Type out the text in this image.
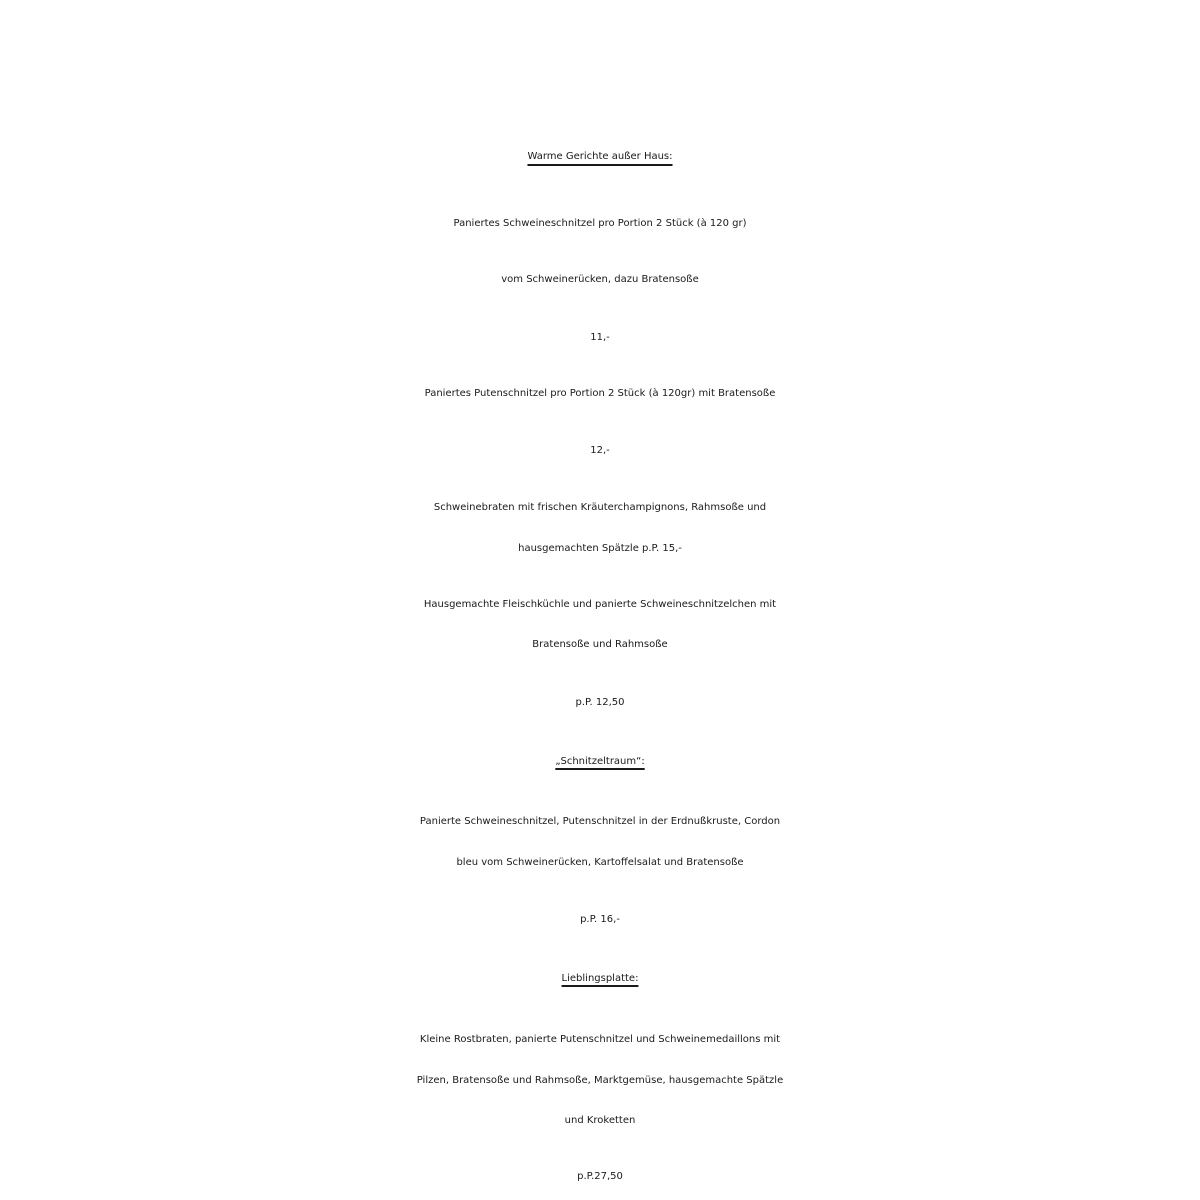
Warme Gerichte außer Haus:
Paniertes Schweineschnitzel pro Portion 2 Stück (à 120 gr)
vom Schweinerücken, dazu Bratensoße
11,-
Paniertes Putenschnitzel pro Portion 2 Stück (à 120gr) mit Bratensoße
12,-
Schweinebraten mit frischen Kräuterchampignons, Rahmsoße und
hausgemachten Spätzle p.P. 15,-
Hausgemachte Fleischküchle und panierte Schweineschnitzelchen mit
Bratensoße und Rahmsoße
p.P. 12,50
„Schnitzeltraum“:
Panierte Schweineschnitzel, Putenschnitzel in der Erdnußkruste, Cordon
bleu vom Schweinerücken, Kartoffelsalat und Bratensoße
p.P. 16,-
Lieblingsplatte:
Kleine Rostbraten, panierte Putenschnitzel und Schweinemedaillons mit
Pilzen, Bratensoße und Rahmsoße, Marktgemüse, hausgemachte Spätzle
und Kroketten
p.P.27,50
